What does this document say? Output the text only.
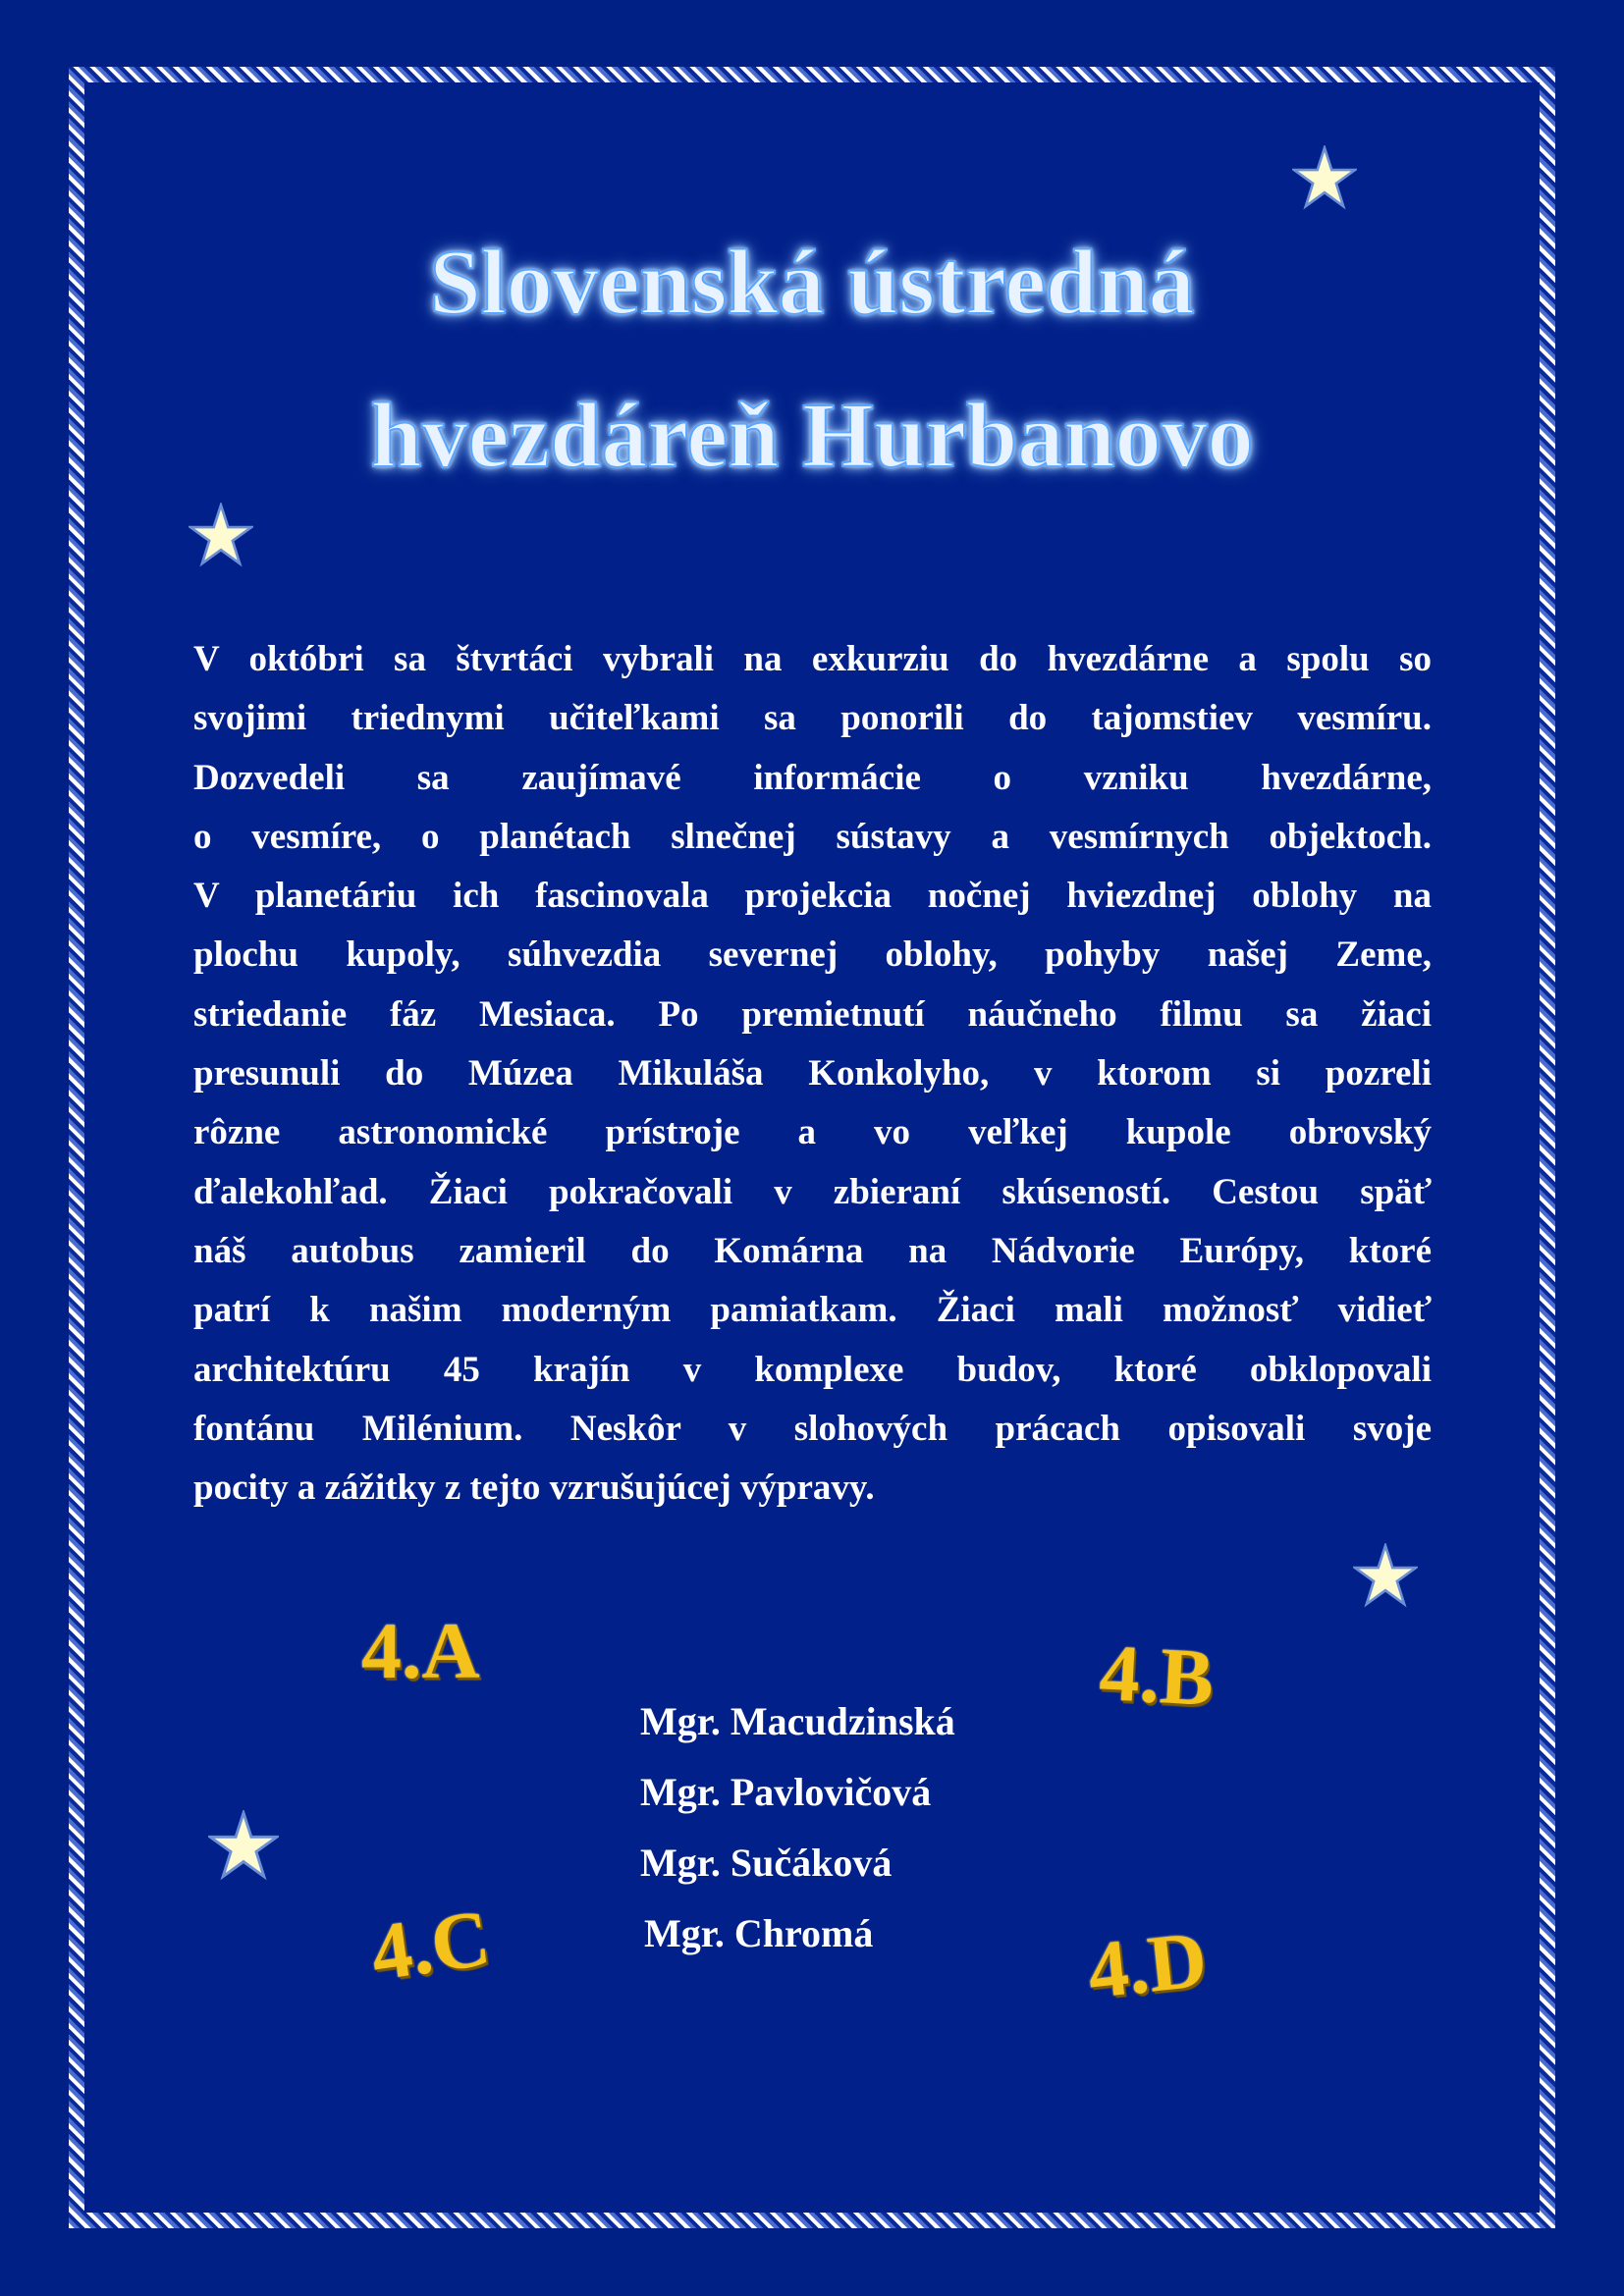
Slovenská ústredná
hvezdáreň Hurbanovo
V októbri sa štvrtáci vybrali na exkurziu do hvezdárne a spolu so
svojimi triednymi učiteľkami sa ponorili do tajomstiev vesmíru.
Dozvedeli sa zaujímavé informácie o vzniku hvezdárne,
o vesmíre, o planétach slnečnej sústavy a vesmírnych objektoch.
V planetáriu ich fascinovala projekcia nočnej hviezdnej oblohy na
plochu kupoly, súhvezdia severnej oblohy, pohyby našej Zeme,
striedanie fáz Mesiaca. Po premietnutí náučneho filmu sa žiaci
presunuli do Múzea Mikuláša Konkolyho, v ktorom si pozreli
rôzne astronomické prístroje a vo veľkej kupole obrovský
ďalekohľad. Žiaci pokračovali v zbieraní skúseností. Cestou späť
náš autobus zamieril do Komárna na Nádvorie Európy, ktoré
patrí k našim moderným pamiatkam. Žiaci mali možnosť vidieť
architektúru 45 krajín v komplexe budov, ktoré obklopovali
fontánu Milénium. Neskôr v slohových prácach opisovali svoje
pocity a zážitky z tejto vzrušujúcej výpravy.
4.A	4.B
4.C	4.D
Mgr. Macudzinská
Mgr. Pavlovičová
Mgr. Sučáková
Mgr. Chromá
